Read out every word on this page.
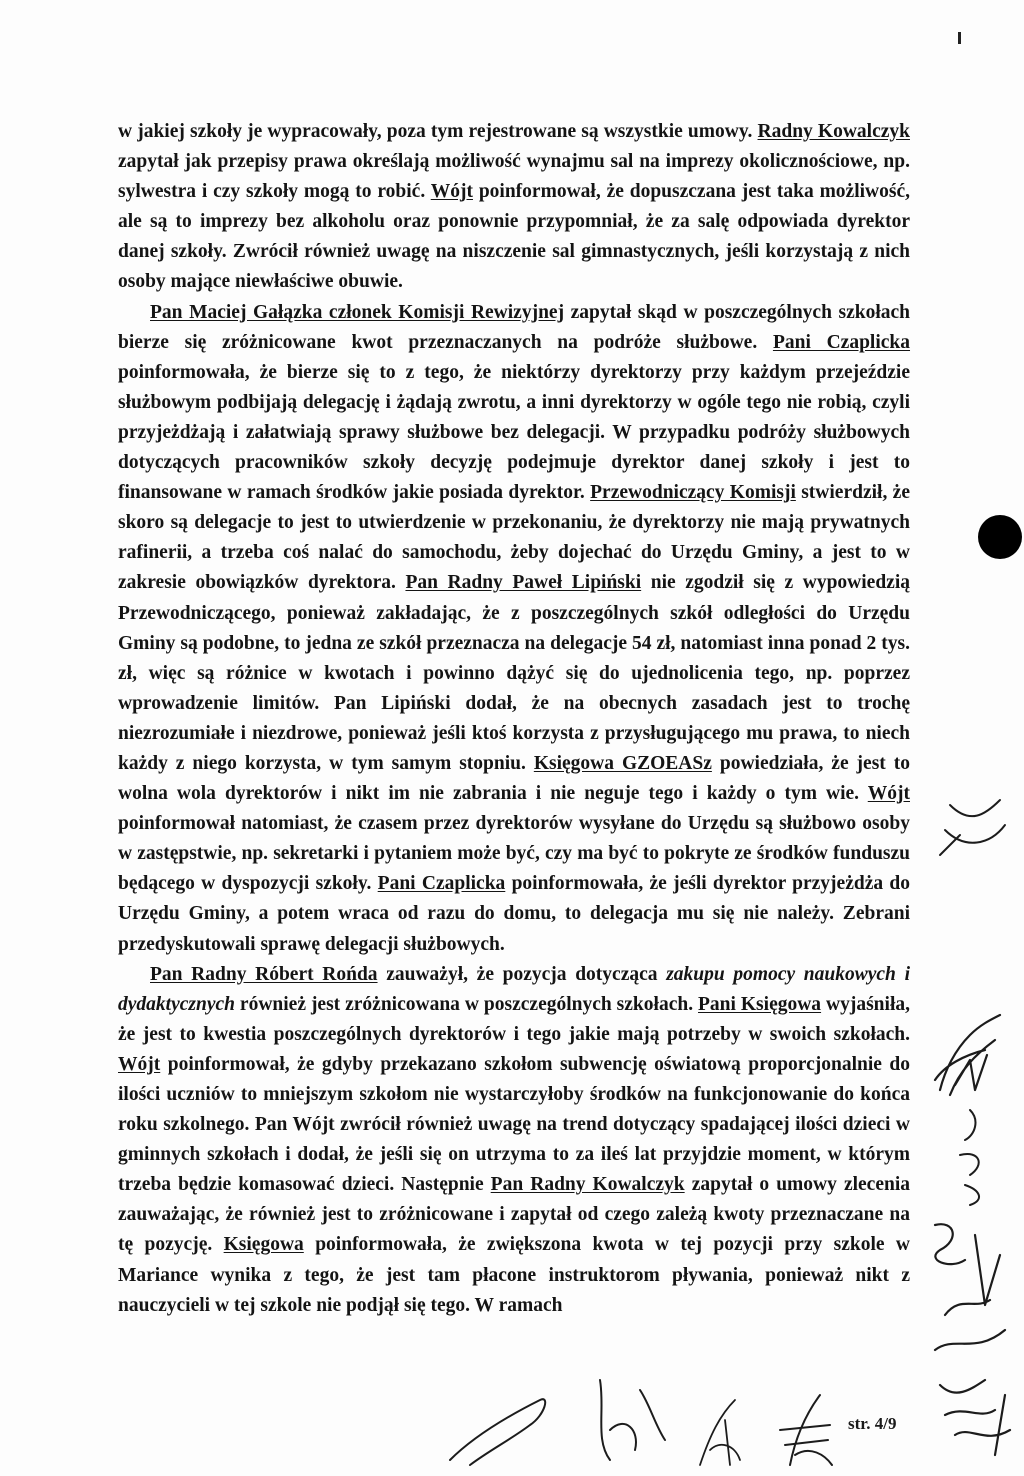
w jakiej szkoły je wypracowały, poza tym rejestrowane są wszystkie umowy. Radny Kowalczyk zapytał jak przepisy prawa określają możliwość wynajmu sal na imprezy okolicznościowe, np. sylwestra i czy szkoły mogą to robić. Wójt poinformował, że dopuszczana jest taka możliwość, ale są to imprezy bez alkoholu oraz ponownie przypomniał, że za salę odpowiada dyrektor danej szkoły. Zwrócił również uwagę na niszczenie sal gimnastycznych, jeśli korzystają z nich osoby mające niewłaściwe obuwie.

Pan Maciej Gałązka członek Komisji Rewizyjnej zapytał skąd w poszczególnych szkołach bierze się zróżnicowane kwot przeznaczanych na podróże służbowe. Pani Czaplicka poinformowała, że bierze się to z tego, że niektórzy dyrektorzy przy każdym przejeździe służbowym podbijają delegację i żądają zwrotu, a inni dyrektorzy w ogóle tego nie robią, czyli przyjeżdżają i załatwiają sprawy służbowe bez delegacji. W przypadku podróży służbowych dotyczących pracowników szkoły decyzję podejmuje dyrektor danej szkoły i jest to finansowane w ramach środków jakie posiada dyrektor. Przewodniczący Komisji stwierdził, że skoro są delegacje to jest to utwierdzenie w przekonaniu, że dyrektorzy nie mają prywatnych rafinerii, a trzeba coś nalać do samochodu, żeby dojechać do Urzędu Gminy, a jest to w zakresie obowiązków dyrektora. Pan Radny Paweł Lipiński nie zgodził się z wypowiedzią Przewodniczącego, ponieważ zakładając, że z poszczególnych szkół odległości do Urzędu Gminy są podobne, to jedna ze szkół przeznacza na delegacje 54 zł, natomiast inna ponad 2 tys. zł, więc są różnice w kwotach i powinno dążyć się do ujednolicenia tego, np. poprzez wprowadzenie limitów. Pan Lipiński dodał, że na obecnych zasadach jest to trochę niezrozumiałe i niezdrowe, ponieważ jeśli ktoś korzysta z przysługującego mu prawa, to niech każdy z niego korzysta, w tym samym stopniu. Księgowa GZOEASz powiedziała, że jest to wolna wola dyrektorów i nikt im nie zabrania i nie neguje tego i każdy o tym wie. Wójt poinformował natomiast, że czasem przez dyrektorów wysyłane do Urzędu są służbowo osoby w zastępstwie, np. sekretarki i pytaniem może być, czy ma być to pokryte ze środków funduszu będącego w dyspozycji szkoły. Pani Czaplicka poinformowała, że jeśli dyrektor przyjeżdża do Urzędu Gminy, a potem wraca od razu do domu, to delegacja mu się nie należy. Zebrani przedyskutowali sprawę delegacji służbowych.

Pan Radny Róbert Rońda zauważył, że pozycja dotycząca zakupu pomocy naukowych i dydaktycznych również jest zróżnicowana w poszczególnych szkołach. Pani Księgowa wyjaśniła, że jest to kwestia poszczególnych dyrektorów i tego jakie mają potrzeby w swoich szkołach. Wójt poinformował, że gdyby przekazano szkołom subwencję oświatową proporcjonalnie do ilości uczniów to mniejszym szkołom nie wystarczyłoby środków na funkcjonowanie do końca roku szkolnego. Pan Wójt zwrócił również uwagę na trend dotyczący spadającej ilości dzieci w gminnych szkołach i dodał, że jeśli się on utrzyma to za ileś lat przyjdzie moment, w którym trzeba będzie komasować dzieci. Następnie Pan Radny Kowalczyk zapytał o umowy zlecenia zauważając, że również jest to zróżnicowane i zapytał od czego zależą kwoty przeznaczane na tę pozycję. Księgowa poinformowała, że zwiększona kwota w tej pozycji przy szkole w Mariance wynika z tego, że jest tam płacone instruktorom pływania, ponieważ nikt z nauczycieli w tej szkole nie podjął się tego. W ramach

str. 4/9
